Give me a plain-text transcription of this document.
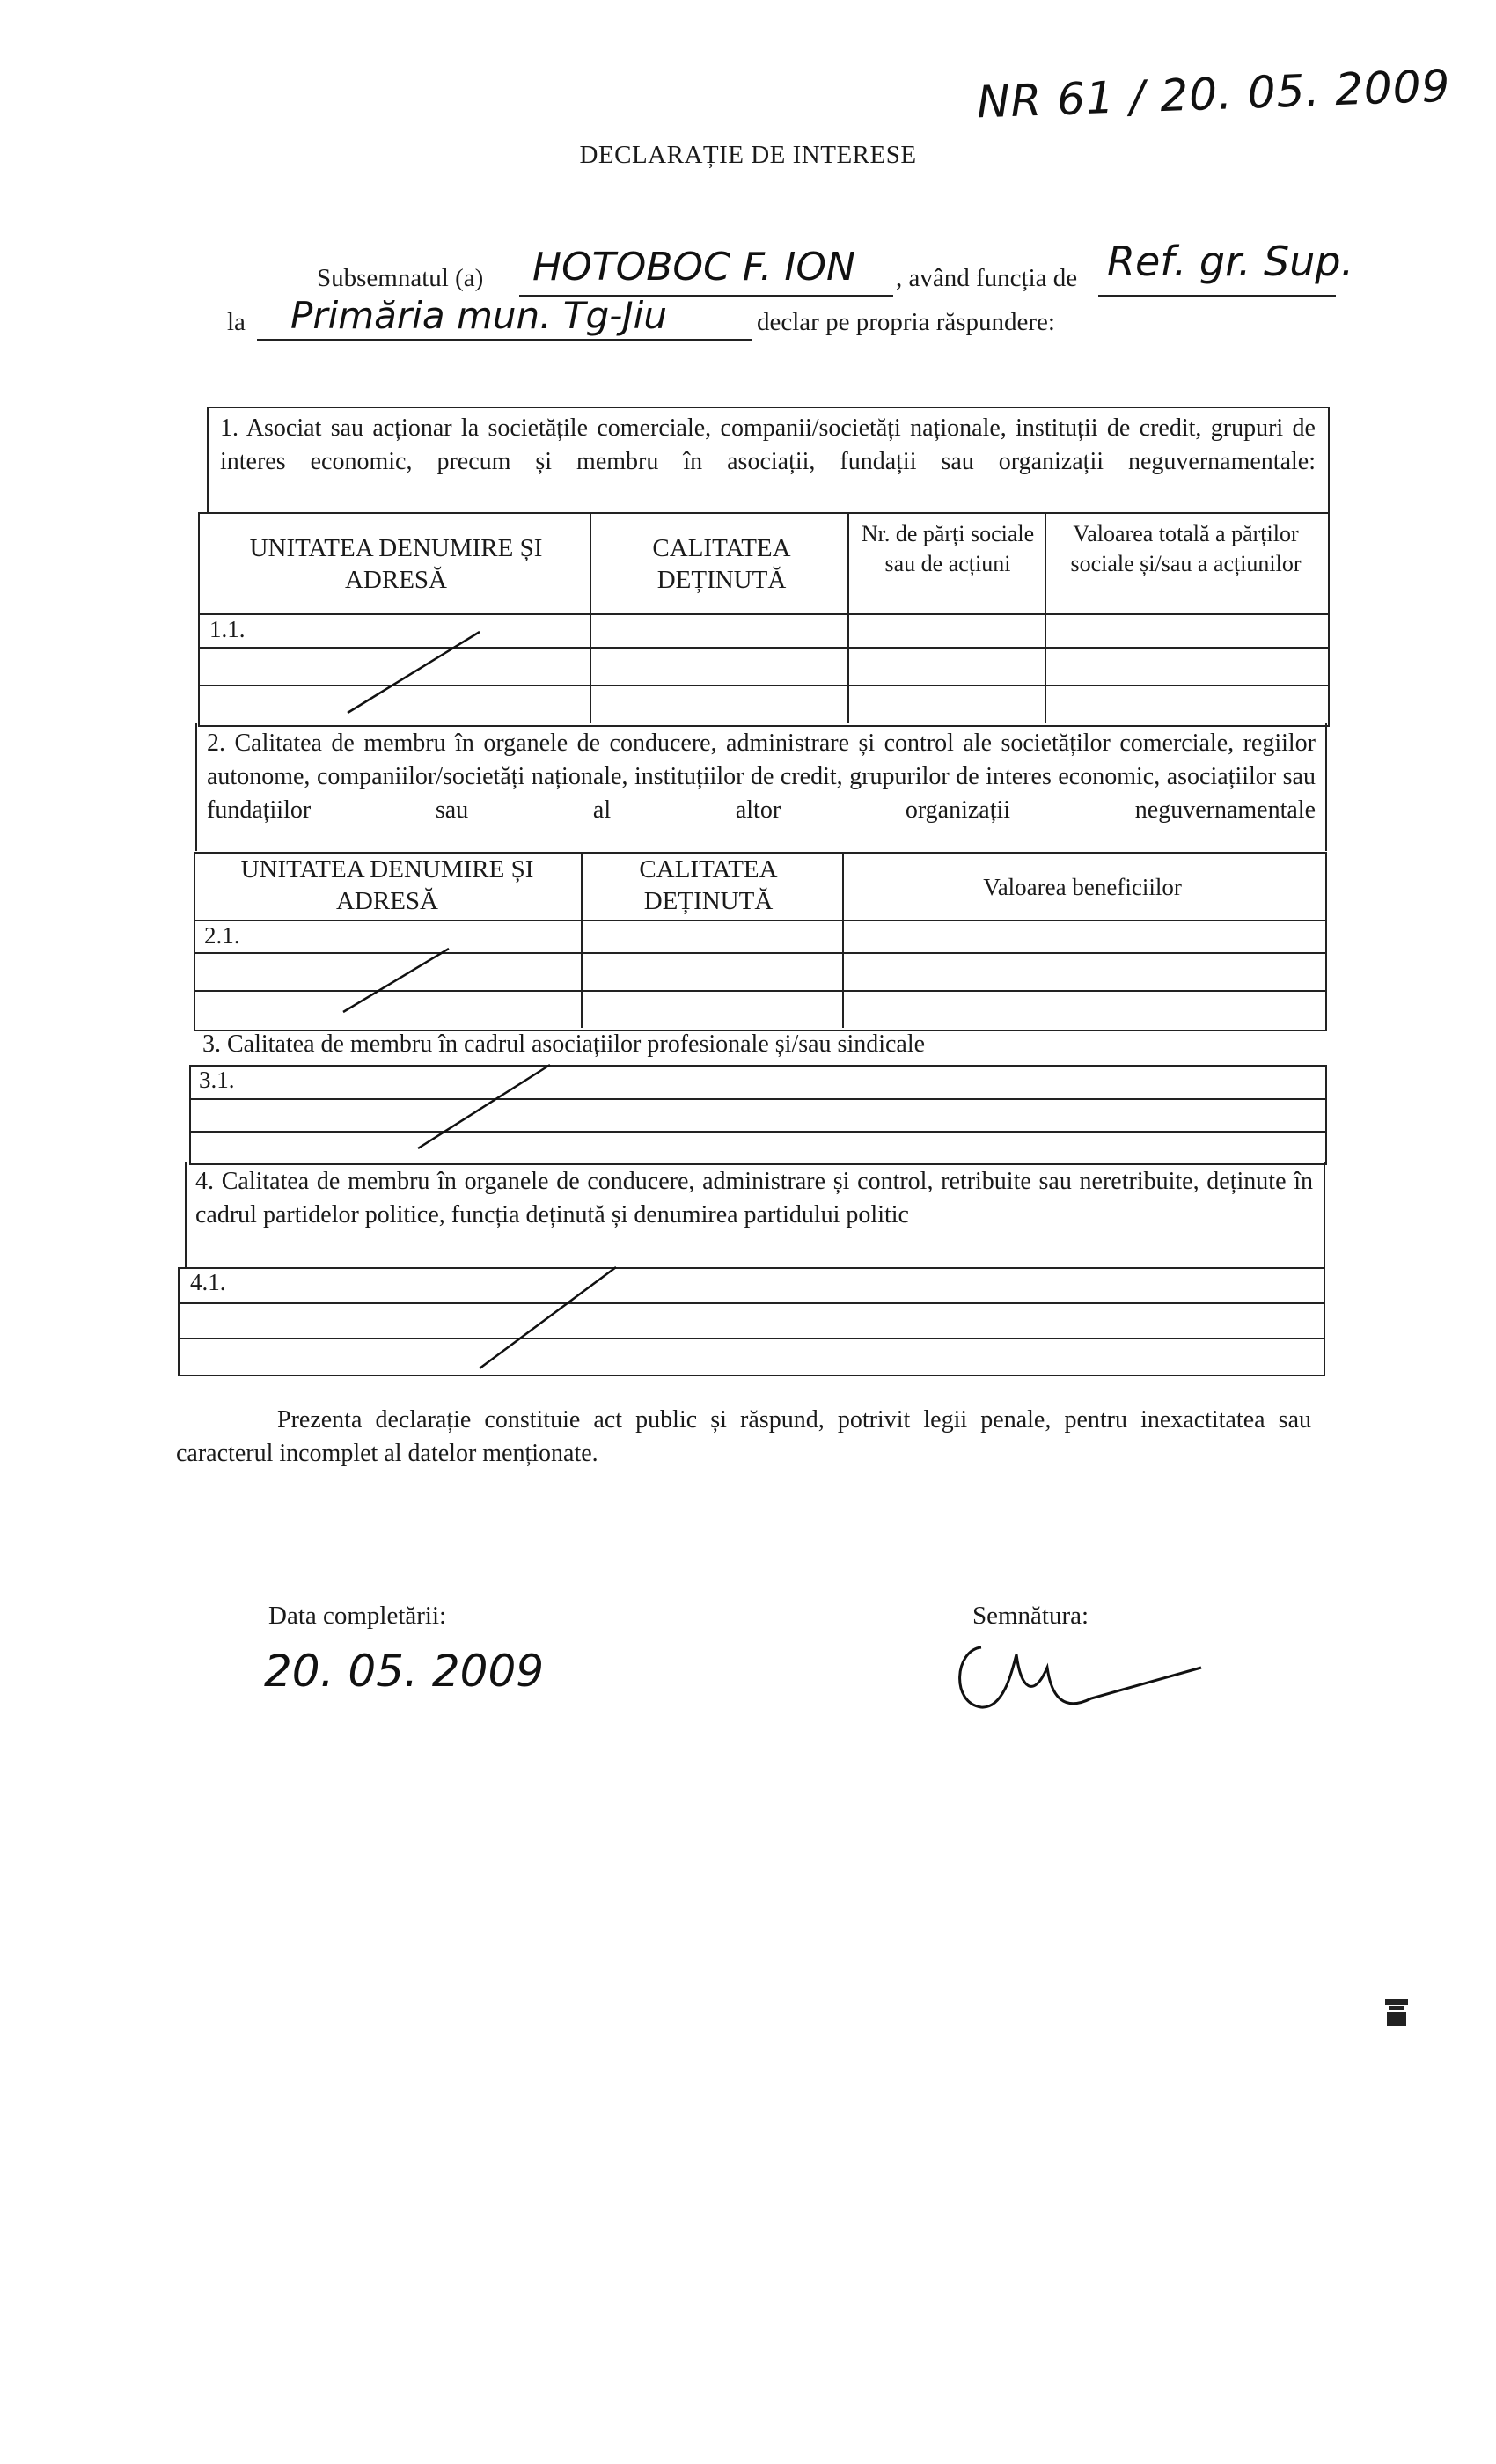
NR 61 / 20. 05. 2009
DECLARAȚIE DE INTERESE
Subsemnatul (a) HOTOBOC F. ION , având funcția de Ref. gr. Sup.
la Primăria mun. Tg-Jiu	declar pe propria răspundere:
1. Asociat sau acționar la societățile comerciale, companii/societăți naționale, instituții de credit, grupuri de interes economic, precum și membru în asociații, fundații sau organizații neguvernamentale:
UNITATEA DENUMIRE ȘI ADRESĂ
CALITATEA DEȚINUTĂ
Nr. de părți sociale sau de acțiuni
Valoarea totală a părților sociale și/sau a acțiunilor
1.1.
2. Calitatea de membru în organele de conducere, administrare și control ale societăților comerciale, regiilor autonome, companiilor/societăți naționale, instituțiilor de credit, grupurilor de interes economic, asociațiilor sau fundațiilor sau al altor organizații neguvernamentale
UNITATEA DENUMIRE ȘI ADRESĂ
CALITATEA DEȚINUTĂ	Valoarea beneficiilor
2.1.
3. Calitatea de membru în cadrul asociațiilor profesionale și/sau sindicale
3.1.
4. Calitatea de membru în organele de conducere, administrare și control, retribuite sau neretribuite, deținute în cadrul partidelor politice, funcția deținută și denumirea partidului politic
4.1.
Prezenta declarație constituie act public și răspund, potrivit legii penale, pentru inexactitatea sau caracterul incomplet al datelor menționate.
Data completării:
20. 05. 2009
Semnătura:
